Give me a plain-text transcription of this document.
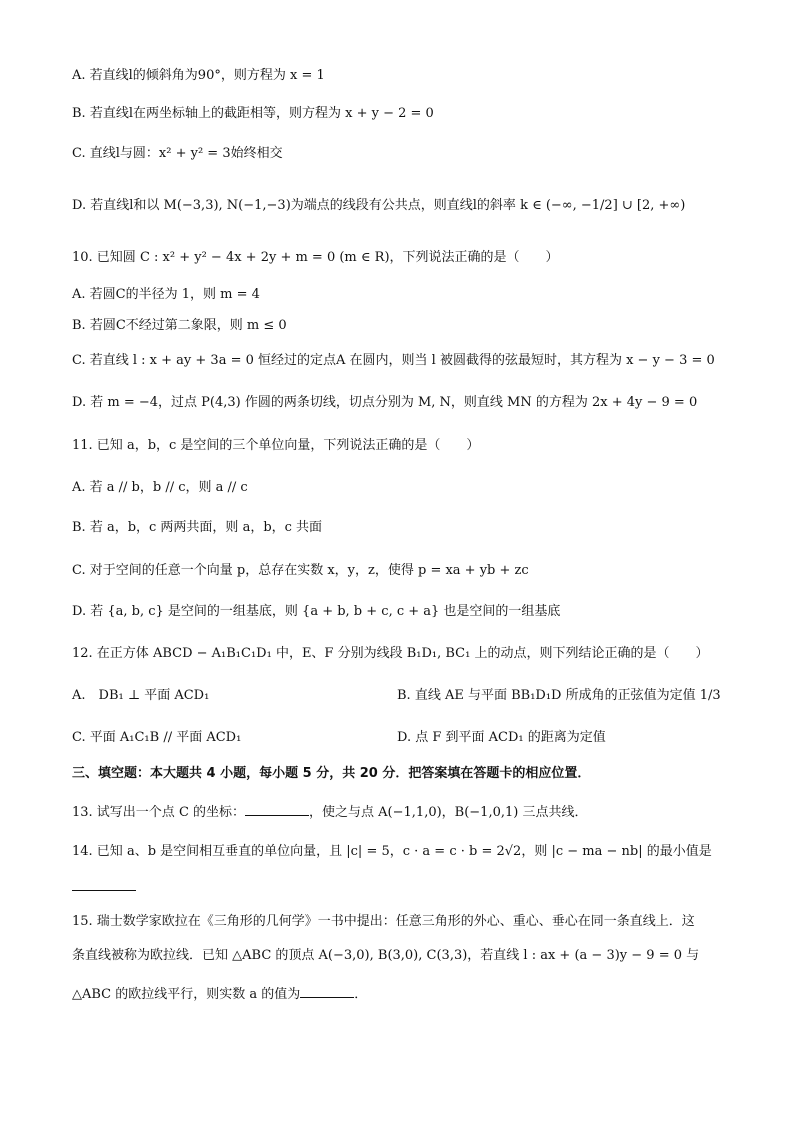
A. 若直线l的倾斜角为90°，则方程为 x = 1
B. 若直线l在两坐标轴上的截距相等，则方程为 x + y − 2 = 0
C. 直线l与圆：x² + y² = 3始终相交
D. 若直线l和以 M(−3,3), N(−1,−3)为端点的线段有公共点，则直线l的斜率 k ∈ (−∞, −1/2] ∪ [2, +∞)
10. 已知圆 C : x² + y² − 4x + 2y + m = 0 (m ∈ R)，下列说法正确的是（　　）
A. 若圆C的半径为 1，则 m = 4
B. 若圆C不经过第二象限，则 m ≤ 0
C. 若直线 l : x + ay + 3a = 0 恒经过的定点A 在圆内，则当 l 被圆截得的弦最短时，其方程为 x − y − 3 = 0
D. 若 m = −4，过点 P(4,3) 作圆的两条切线，切点分别为 M, N，则直线 MN 的方程为 2x + 4y − 9 = 0
11. 已知 a，b，c 是空间的三个单位向量，下列说法正确的是（　　）
A. 若 a // b，b // c，则 a // c
B. 若 a，b，c 两两共面，则 a，b，c 共面
C. 对于空间的任意一个向量 p，总存在实数 x，y，z，使得 p = xa + yb + zc
D. 若 {a, b, c} 是空间的一组基底，则 {a + b, b + c, c + a} 也是空间的一组基底
12. 在正方体 ABCD − A₁B₁C₁D₁ 中，E、F 分别为线段 B₁D₁, BC₁ 上的动点，则下列结论正确的是（　　）
A.　DB₁ ⊥ 平面 ACD₁	B. 直线 AE 与平面 BB₁D₁D 所成角的正弦值为定值 1/3
C. 平面 A₁C₁B // 平面 ACD₁	D. 点 F 到平面 ACD₁ 的距离为定值
三、填空题：本大题共 4 小题，每小题 5 分，共 20 分．把答案填在答题卡的相应位置．
13. 试写出一个点 C 的坐标：	，使之与点 A(−1,1,0)，B(−1,0,1) 三点共线．
14. 已知 a、b 是空间相互垂直的单位向量，且 |c| = 5，c · a = c · b = 2√2，则 |c − ma − nb| 的最小值是
15. 瑞士数学家欧拉在《三角形的几何学》一书中提出：任意三角形的外心、重心、垂心在同一条直线上．这
条直线被称为欧拉线．已知 △ABC 的顶点 A(−3,0), B(3,0), C(3,3)，若直线 l : ax + (a − 3)y − 9 = 0 与
△ABC 的欧拉线平行，则实数 a 的值为	．
